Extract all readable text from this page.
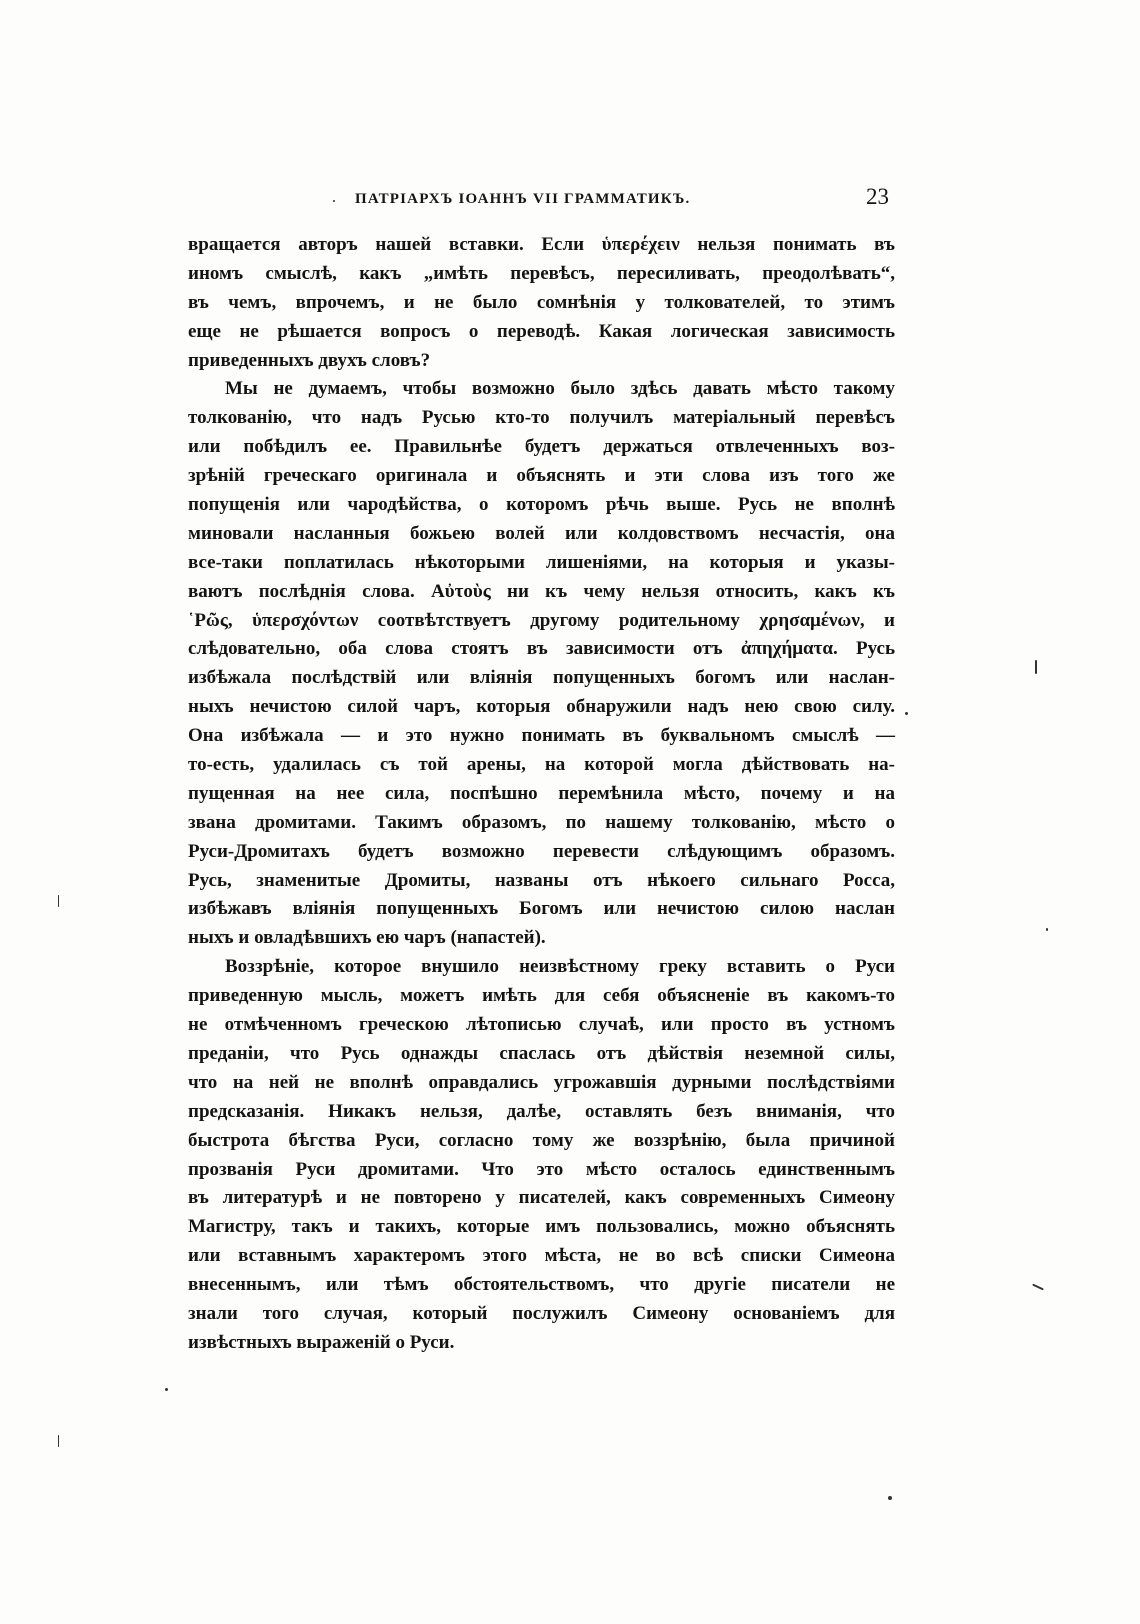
ПАТРІАРХЪ ІОАННЪ VII ГРАММАТИКЪ.	23
вращается авторъ нашей вставки. Если ὑπερέχειν нельзя понимать въ
иномъ смыслѣ, какъ „имѣть перевѣсъ, пересиливать, преодолѣвать“,
въ чемъ, впрочемъ, и не было сомнѣнія у толкователей, то этимъ
еще не рѣшается вопросъ о переводѣ. Какая логическая зависимость
приведенныхъ двухъ словъ?
Мы не думаемъ, чтобы возможно было здѣсь давать мѣсто такому
толкованію, что надъ Русью кто-то получилъ матеріальный перевѣсъ
или побѣдилъ ее. Правильнѣе будетъ держаться отвлеченныхъ воз-
зрѣній греческаго оригинала и объяснять и эти слова изъ того же
попущенія или чародѣйства, о которомъ рѣчь выше. Русь не вполнѣ
миновали насланныя божьею волей или колдовствомъ несчастія, она
все-таки поплатилась нѣкоторыми лишеніями, на которыя и указы-
ваютъ послѣднія слова. Αὐτοὺς ни къ чему нельзя относить, какъ къ
῾Ρῶς, ὑπερσχόντων соотвѣтствуетъ другому родительному χρησαμένων, и
слѣдовательно, оба слова стоятъ въ зависимости отъ ἀπηχήματα. Русь
избѣжала послѣдствій или вліянія попущенныхъ богомъ или наслан-
ныхъ нечистою силой чаръ, которыя обнаружили надъ нею свою силу.
Она избѣжала — и это нужно понимать въ буквальномъ смыслѣ —
то-есть, удалилась съ той арены, на которой могла дѣйствовать на-
пущенная на нее сила, поспѣшно перемѣнила мѣсто, почему и на
звана дромитами. Такимъ образомъ, по нашему толкованію, мѣсто о
Руси-Дромитахъ будетъ возможно перевести слѣдующимъ образомъ.
Русь, знаменитые Дромиты, названы отъ нѣкоего сильнаго Росса,
избѣжавъ вліянія попущенныхъ Богомъ или нечистою силою наслан
ныхъ и овладѣвшихъ ею чаръ (напастей).
Воззрѣніе, которое внушило неизвѣстному греку вставить о Руси
приведенную мысль, можетъ имѣть для себя объясненіе въ какомъ-то
не отмѣченномъ греческою лѣтописью случаѣ, или просто въ устномъ
преданіи, что Русь однажды спаслась отъ дѣйствія неземной силы,
что на ней не вполнѣ оправдались угрожавшія дурными послѣдствіями
предсказанія. Никакъ нельзя, далѣе, оставлять безъ вниманія, что
быстрота бѣгства Руси, согласно тому же воззрѣнію, была причиной
прозванія Руси дромитами. Что это мѣсто осталось единственнымъ
въ литературѣ и не повторено у писателей, какъ современныхъ Симеону
Магистру, такъ и такихъ, которые имъ пользовались, можно объяснять
или вставнымъ характеромъ этого мѣста, не во всѣ списки Симеона
внесеннымъ, или тѣмъ обстоятельствомъ, что другіе писатели не
знали того случая, который послужилъ Симеону основаніемъ для
извѣстныхъ выраженій о Руси.
